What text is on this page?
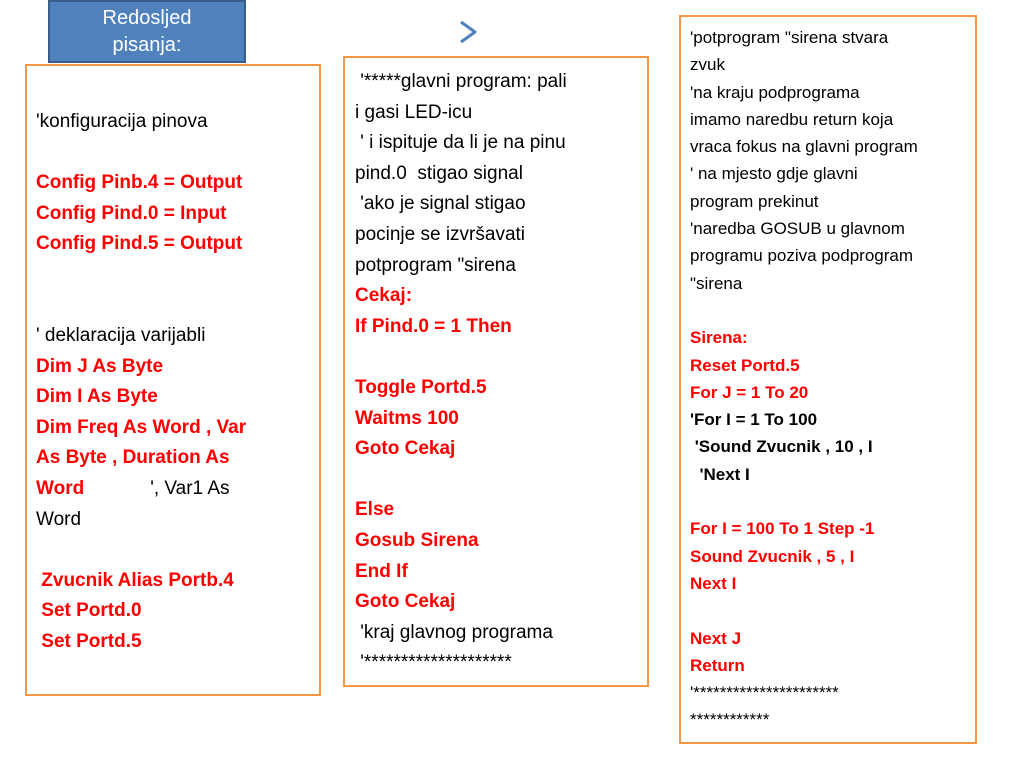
Redosljed
pisanja:
'konfiguracija pinova
Config Pinb.4 = Output
Config Pind.0 = Input
Config Pind.5 = Output
' deklaracija varijabli
Dim J As Byte
Dim I As Byte
Dim Freq As Word , Var
As Byte , Duration As
Word	', Var1 As
Word
Zvucnik Alias Portb.4
Set Portd.0
Set Portd.5
'*****glavni program: pali
i gasi LED-icu
' i ispituje da li je na pinu
pind.0  stigao signal
'ako je signal stigao
pocinje se izvršavati
potprogram "sirena
Cekaj:
If Pind.0 = 1 Then
Toggle Portd.5
Waitms 100
Goto Cekaj
Else
Gosub Sirena
End If
Goto Cekaj
'kraj glavnog programa
'********************
'potprogram "sirena stvara
zvuk
'na kraju podprograma
imamo naredbu return koja
vraca fokus na glavni program
' na mjesto gdje glavni
program prekinut
'naredba GOSUB u glavnom
programu poziva podprogram
"sirena
Sirena:
Reset Portd.5
For J = 1 To 20
'For I = 1 To 100
'Sound Zvucnik , 10 , I
'Next I
For I = 100 To 1 Step -1
Sound Zvucnik , 5 , I
Next I
Next J
Return
'**********************
************
